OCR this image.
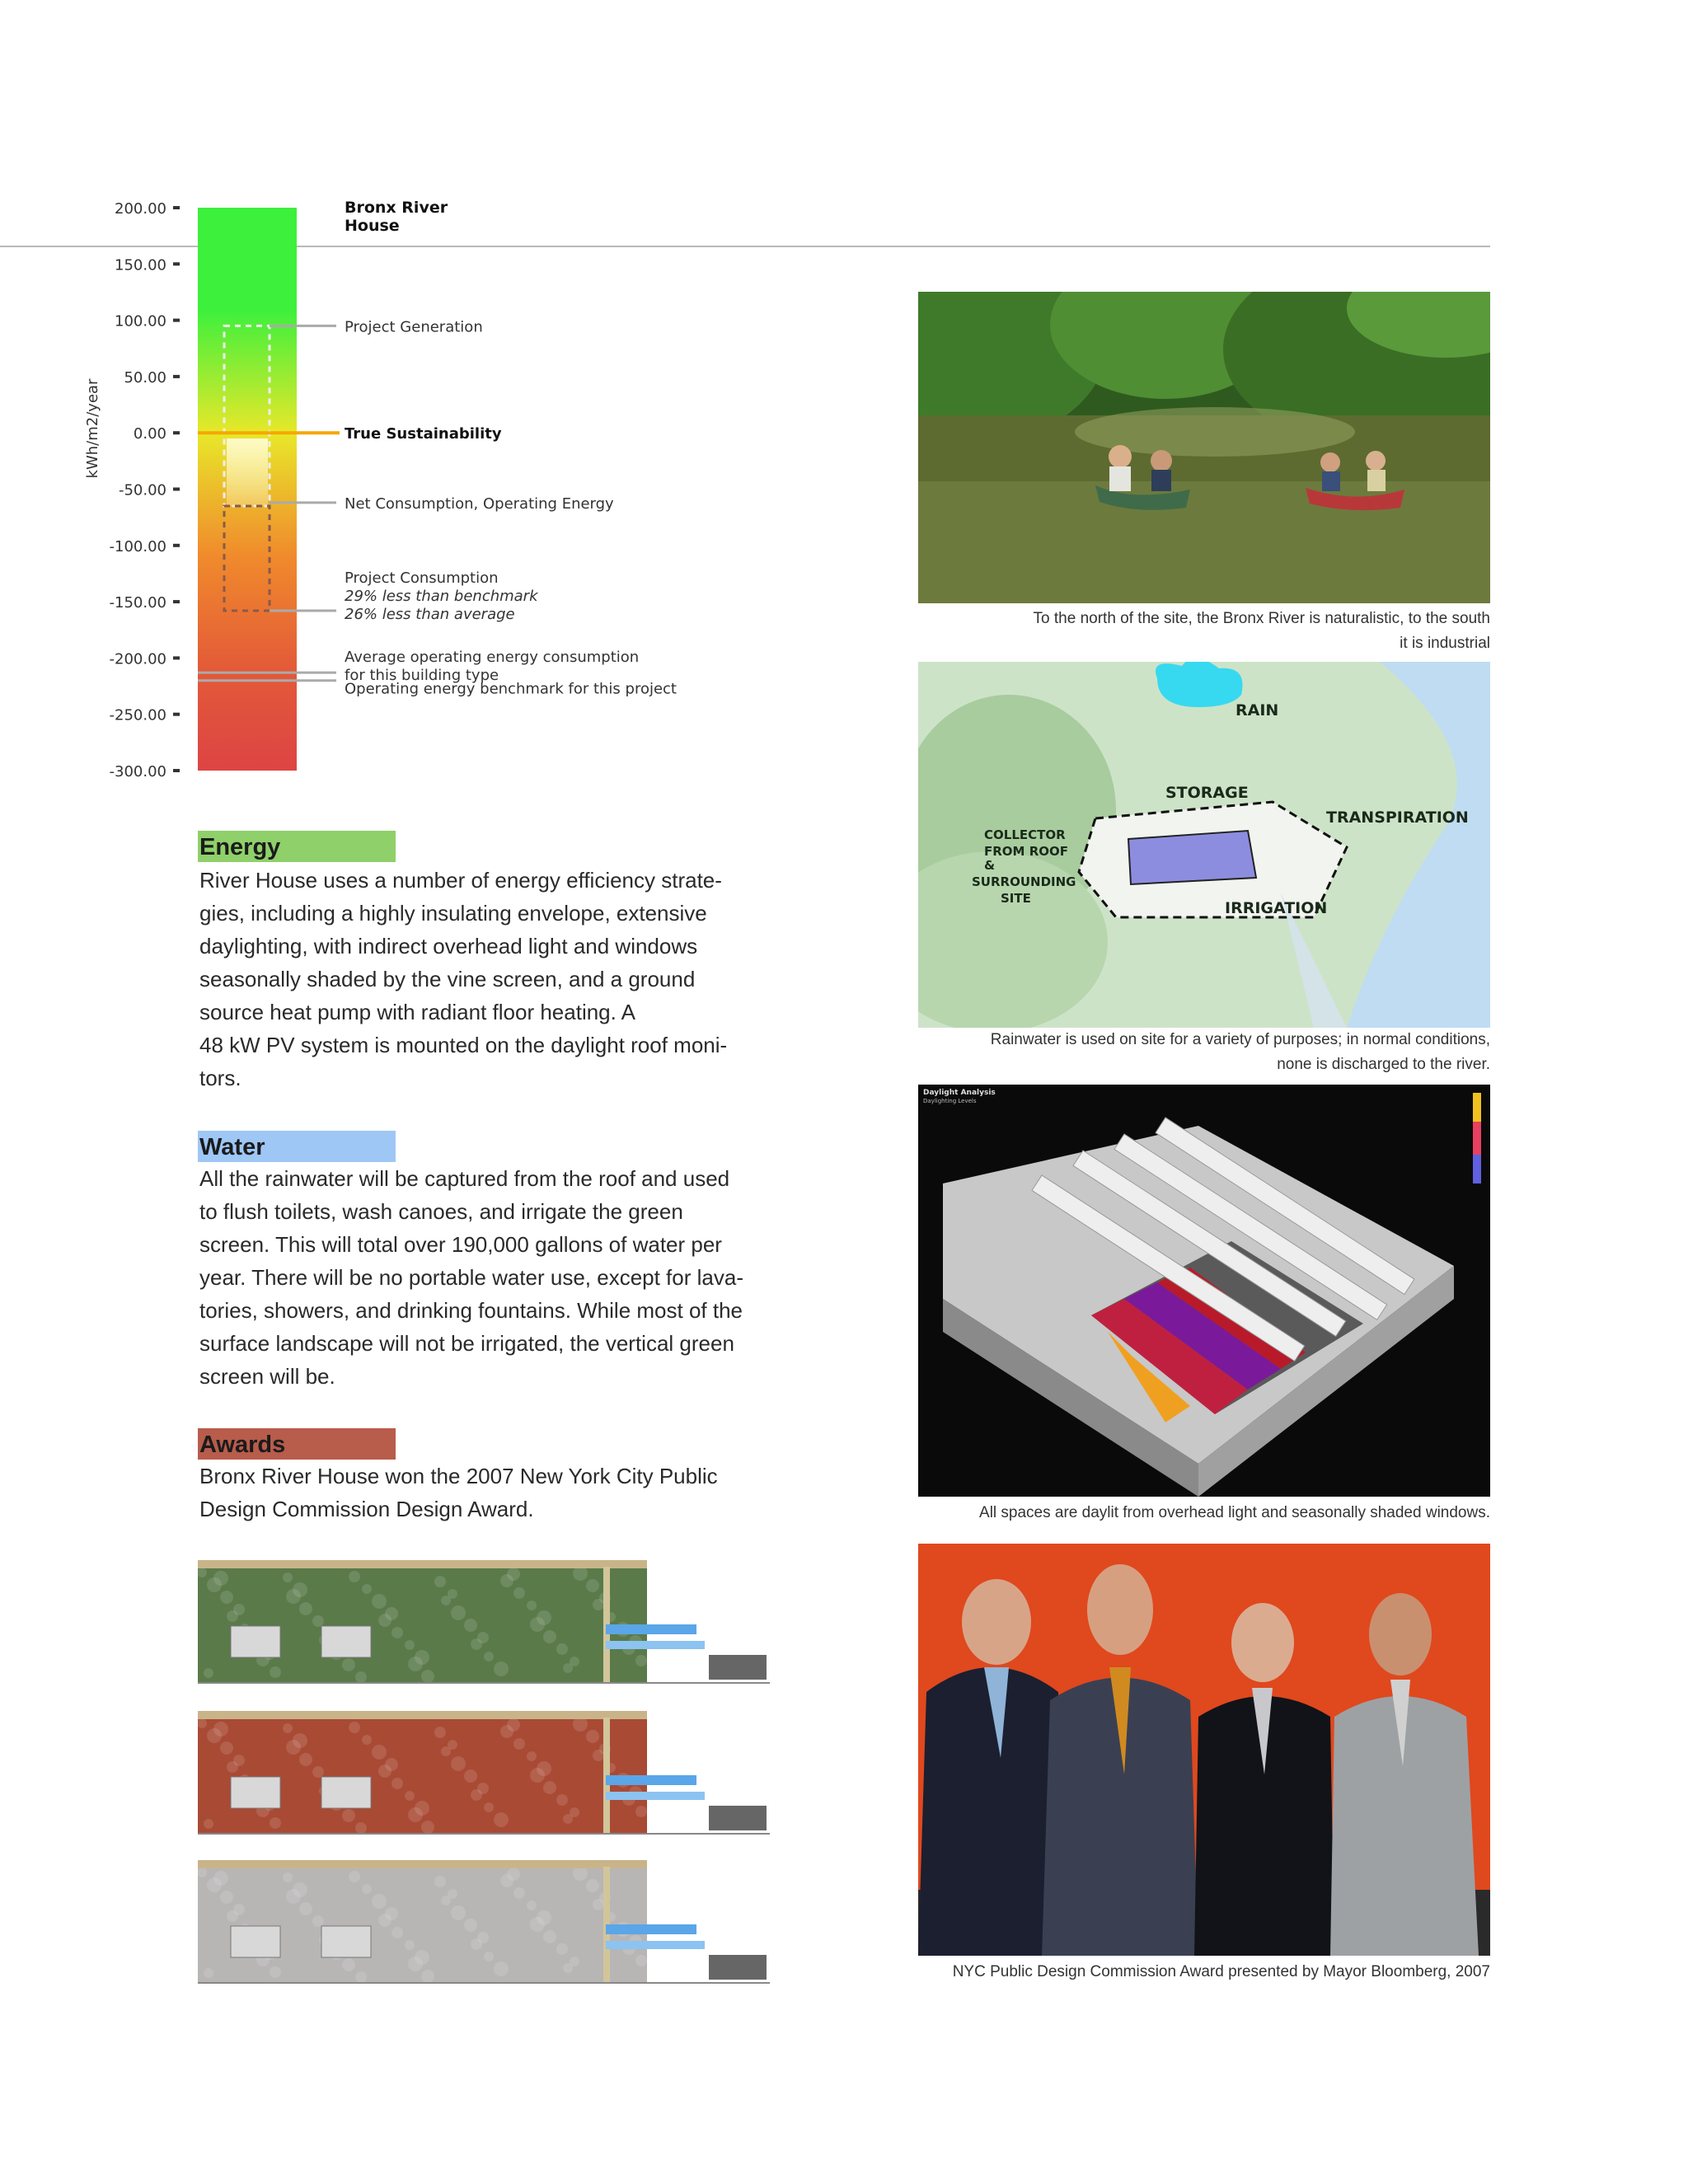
kWh/m2/year
200.00
150.00
100.00
50.00
0.00
-50.00
-100.00
-150.00
-200.00
-250.00
-300.00
Bronx River
House
Project Generation
True Sustainability
Net Consumption, Operating Energy
Project Consumption
29% less than benchmark
26% less than average
Average operating energy consumption
for this building type
Operating energy benchmark for this project
Energy

River House uses a number of energy efficiency strate-
gies, including a highly insulating envelope, extensive
daylighting, with indirect overhead light and windows
seasonally shaded by the vine screen, and a ground
source heat pump with radiant floor heating. A
48 kW PV system is mounted on the daylight roof moni-
tors.

Water

All the rainwater will be captured from the roof and used
to flush toilets, wash canoes, and irrigate the green
screen. This will total over 190,000 gallons of water per
year. There will be no portable water use, except for lava-
tories, showers, and drinking fountains. While most of the
surface landscape will not be irrigated, the vertical green
screen will be.

Awards

Bronx River House won the 2007 New York City Public
Design Commission Design Award.

To the north of the site, the Bronx River is naturalistic, to the south
it is industrial

RAIN
STORAGE
TRANSPIRATION
COLLECTOR
FROM ROOF
&
SURROUNDING
SITE
IRRIGATION

Rainwater is used on site for a variety of purposes; in normal conditions,
none is discharged to the river.

Daylight Analysis
Daylighting Levels

All spaces are daylit from overhead light and seasonally shaded windows.

NYC Public Design Commission Award presented by Mayor Bloomberg, 2007
